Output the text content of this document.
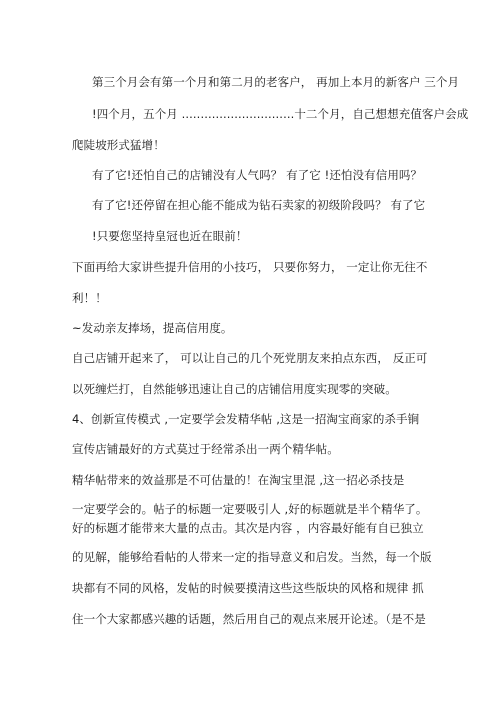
第三个月会有第一个月和第二月的老客户， 再加上本月的新客户 三个月
!四个月，五个月 ..............................十二个月，自己想想充值客户会成
爬陡坡形式猛增！
有了它!还怕自己的店铺没有人气吗？ 有了它 !还怕没有信用吗？
有了它!还停留在担心能不能成为钻石卖家的初级阶段吗？ 有了它
!只要您坚持皇冠也近在眼前！
下面再给大家讲些提升信用的小技巧， 只要你努力， 一定让你无往不
利！！
~发动亲友捧场，提高信用度。
自己店铺开起来了， 可以让自己的几个死党朋友来拍点东西， 反正可
以死缠烂打，自然能够迅速让自己的店铺信用度实现零的突破。
4、创新宣传模式 ,一定要学会发精华帖 ,这是一招淘宝商家的杀手锏
宣传店铺最好的方式莫过于经常杀出一两个精华帖。
精华帖带来的效益那是不可估量的！在淘宝里混 ,这一招必杀技是
一定要学会的。帖子的标题一定要吸引人 ,好的标题就是半个精华了。
好的标题才能带来大量的点击。其次是内容 ，内容最好能有自已独立
的见解，能够给看帖的人带来一定的指导意义和启发。当然，每一个版
块都有不同的风格，发帖的时候要摸清这些这些版块的风格和规律 抓
住一个大家都感兴趣的话题，然后用自己的观点来展开论述。（是不是
